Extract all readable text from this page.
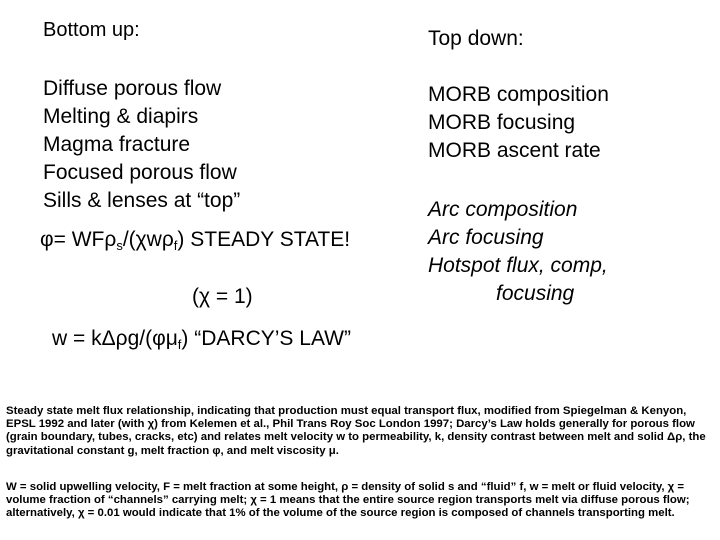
Bottom up:
Diffuse porous flow
Melting & diapirs
Magma fracture
Focused porous flow
Sills & lenses at “top”
Top down:
MORB composition
MORB focusing
MORB ascent rate
Arc composition
Arc focusing
Hotspot flux, comp,
focusing
φ= WFρ$_s$/(χwρ$_f$) STEADY STATE!
(χ = 1)
w = kΔρg/$(\varphi\mu_f)$ “DARCY’S LAW”
Steady state melt flux relationship, indicating that production must equal transport flux, modified from Spiegelman & Kenyon, EPSL 1992 and later (with χ) from Kelemen et al., Phil Trans Roy Soc London 1997; Darcy’s Law holds generally for porous flow (grain boundary, tubes, cracks, etc) and relates melt velocity w to permeability, k, density contrast between melt and solid Δρ, the gravitational constant g, melt fraction φ, and melt viscosity μ.
W = solid upwelling velocity, F = melt fraction at some height, ρ = density of solid s and “fluid” f, w = melt or fluid velocity, χ = volume fraction of “channels” carrying melt; χ = 1 means that the entire source region transports melt via diffuse porous flow; alternatively, χ = 0.01 would indicate that 1% of the volume of the source region is composed of channels transporting melt.
